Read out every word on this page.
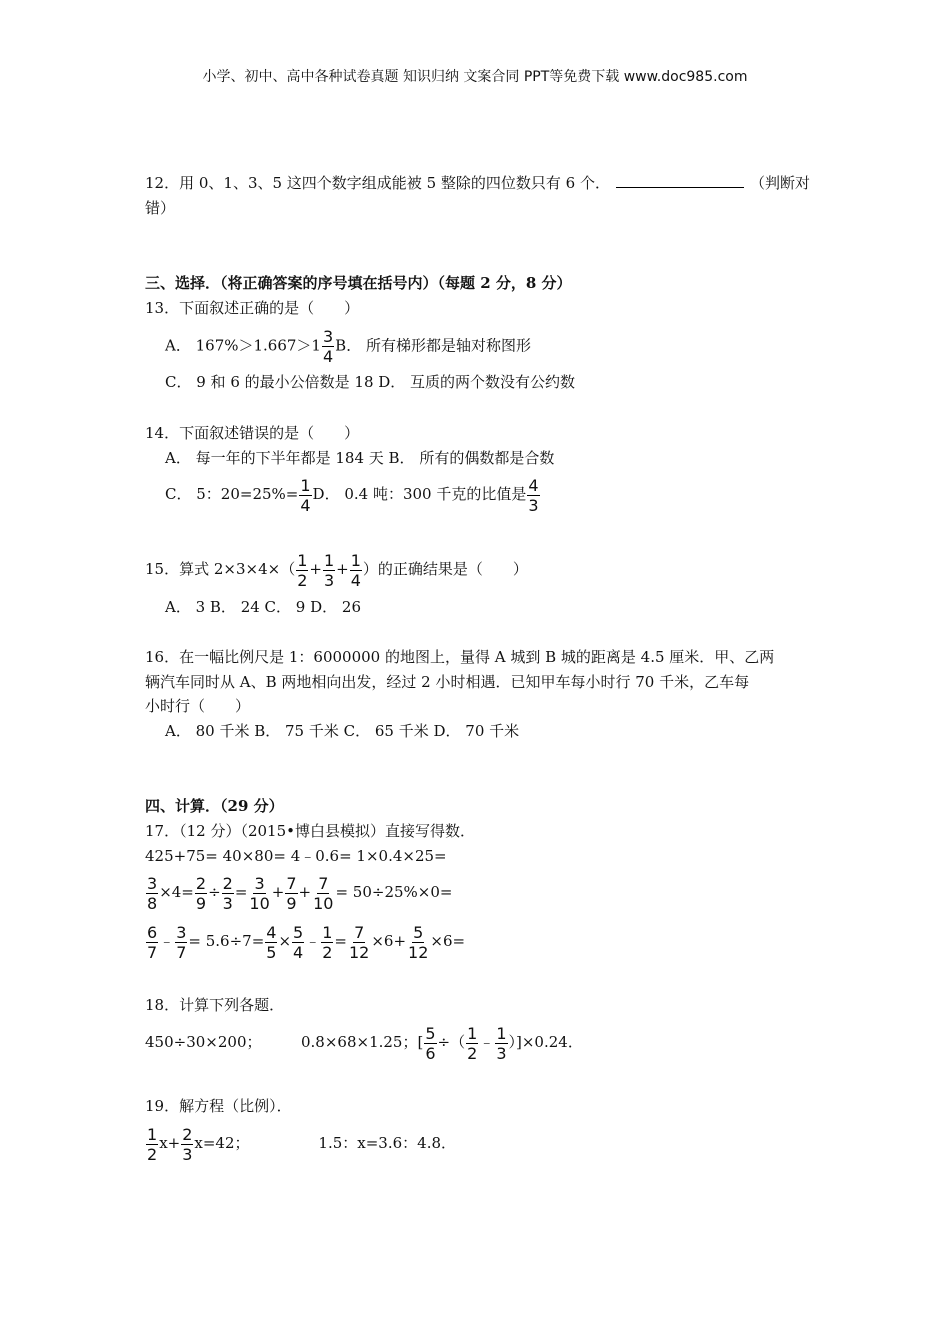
小学、初中、高中各种试卷真题 知识归纳 文案合同 PPT等免费下载 www.doc985.com
12．用 0、1、3、5 这四个数字组成能被 5 整除的四位数只有 6 个．	（判断对
错）
三、选择．（将正确答案的序号填在括号内）（每题 2 分，8 分）
13．下面叙述正确的是（　　）
A． $167\%>1.667>1 \frac{3}{4}$ B． 所有梯形都是轴对称图形
C． 9 和 6 的最小公倍数是 18 D． 互质的两个数没有公约数
14．下面叙述错误的是（　　）
A． 每一年的下半年都是 184 天 B． 所有的偶数都是合数
C． 5：$20=25\%= \frac{1}{4}$ D． 0.4 吨：300 千克的比值是 $\frac{4}{3}$
15．算式 $2\times 3\times 4\times( \frac{1}{2} + \frac{1}{3} + \frac{1}{4}$ ）的正确结果是（　　）
A． 3 B． 24 C． 9 D． 26
16．在一幅比例尺是 1：6000000 的地图上，量得 A 城到 B 城的距离是 4.5 厘米．甲、乙两
辆汽车同时从 A、B 两地相向出发，经过 2 小时相遇．已知甲车每小时行 70 千米，乙车每
小时行（　　）
A． 80 千米 B． 75 千米 C． 65 千米 D． 70 千米
四、计算．（29 分）
17．（12 分）（2015•博白县模拟）直接写得数．
425+75= 40×80= 4﹣0.6= 1×0.4×25=
$\frac{3}{8} \times 4= \frac{2}{9} \div \frac{2}{3} = \frac{3}{10} + \frac{7}{9} + \frac{7}{10} = 50\div 25\%\times 0=$
$\frac{6}{7}$ ﹣ $\frac{3}{7} = 5.6\div 7= \frac{4}{5} \times \frac{5}{4}$ ﹣ $\frac{1}{2} = \frac{7}{12} \times 6+ \frac{5}{12} \times 6=$
18．计算下列各题．
450÷30×200；	0.8×68×1.25；[ $\frac{5}{6}$ ÷（ $\frac{1}{2}$ ﹣ $\frac{1}{3} )]\times 0.24$．
19．解方程（比例）．
$\frac{1}{2} x+ \frac{2}{3} x=42$；	1.5：x=3.6：4.8．
